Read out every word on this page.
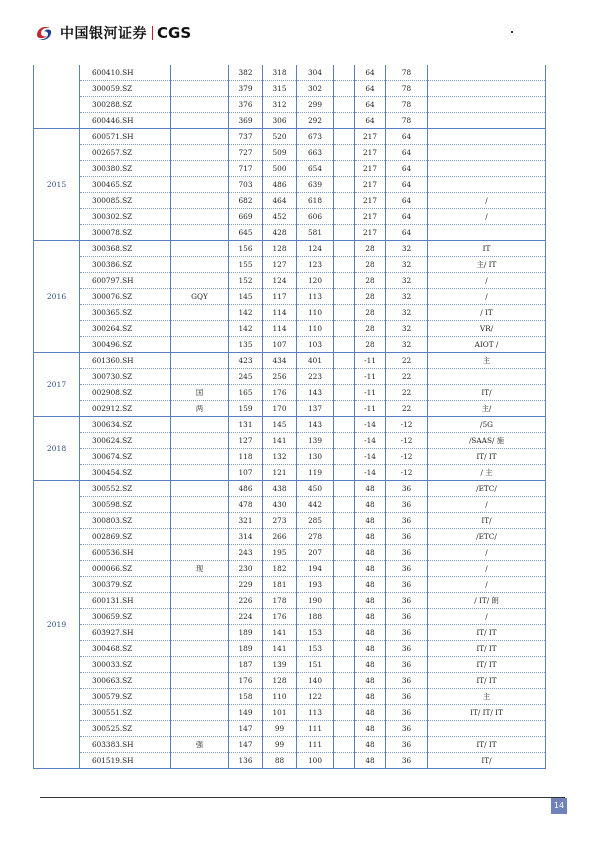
中国银河证券 CGS
	600410.SH		382	318	304		64	78	
	300059.SZ		379	315	302		64	78	
	300288.SZ		376	312	299		64	78	
	600446.SH		369	306	292		64	78	
2015	600571.SH		737	520	673		217	64	
	002657.SZ		727	509	663		217	64	
	300380.SZ		717	500	654		217	64	
	300465.SZ		703	486	639		217	64	
	300085.SZ		682	464	618		217	64	/
	300302.SZ		669	452	606		217	64	/
	300078.SZ		645	428	581		217	64	
2016	300368.SZ		156	128	124		28	32	IT
	300386.SZ		155	127	123		28	32	主/ IT
	600797.SH		152	124	120		28	32	/
	300076.SZ	GQY	145	117	113		28	32	/
	300365.SZ		142	114	110		28	32	/ IT
	300264.SZ		142	114	110		28	32	VR/
	300496.SZ		135	107	103		28	32	AIOT /
2017	601360.SH		423	434	401		-11	22	主
	300730.SZ		245	256	223		-11	22	
	002908.SZ	国	165	176	143		-11	22	IT/
	002912.SZ	两	159	170	137		-11	22	主/
2018	300634.SZ		131	145	143		-14	-12	/5G
	300624.SZ		127	141	139		-14	-12	/SAAS/ 施
	300674.SZ		118	132	130		-14	-12	IT/ IT
	300454.SZ		107	121	119		-14	-12	/ 主
2019	300552.SZ		486	438	450		48	36	/ETC/
	300598.SZ		478	430	442		48	36	/
	300803.SZ		321	273	285		48	36	IT/
	002869.SZ		314	266	278		48	36	/ETC/
	600536.SH		243	195	207		48	36	/
	000066.SZ	现	230	182	194		48	36	/
	300379.SZ		229	181	193		48	36	/
	600131.SH		226	178	190		48	36	/ IT/ 朗
	300659.SZ		224	176	188		48	36	/
	603927.SH		189	141	153		48	36	IT/ IT
	300468.SZ		189	141	153		48	36	IT/ IT
	300033.SZ		187	139	151		48	36	IT/ IT
	300663.SZ		176	128	140		48	36	IT/ IT
	300579.SZ		158	110	122		48	36	主
	300551.SZ		149	101	113		48	36	IT/ IT/ IT
	300525.SZ		147	99	111		48	36	
	603383.SH	强	147	99	111		48	36	IT/ IT
	601519.SH		136	88	100		48	36	IT/
14
